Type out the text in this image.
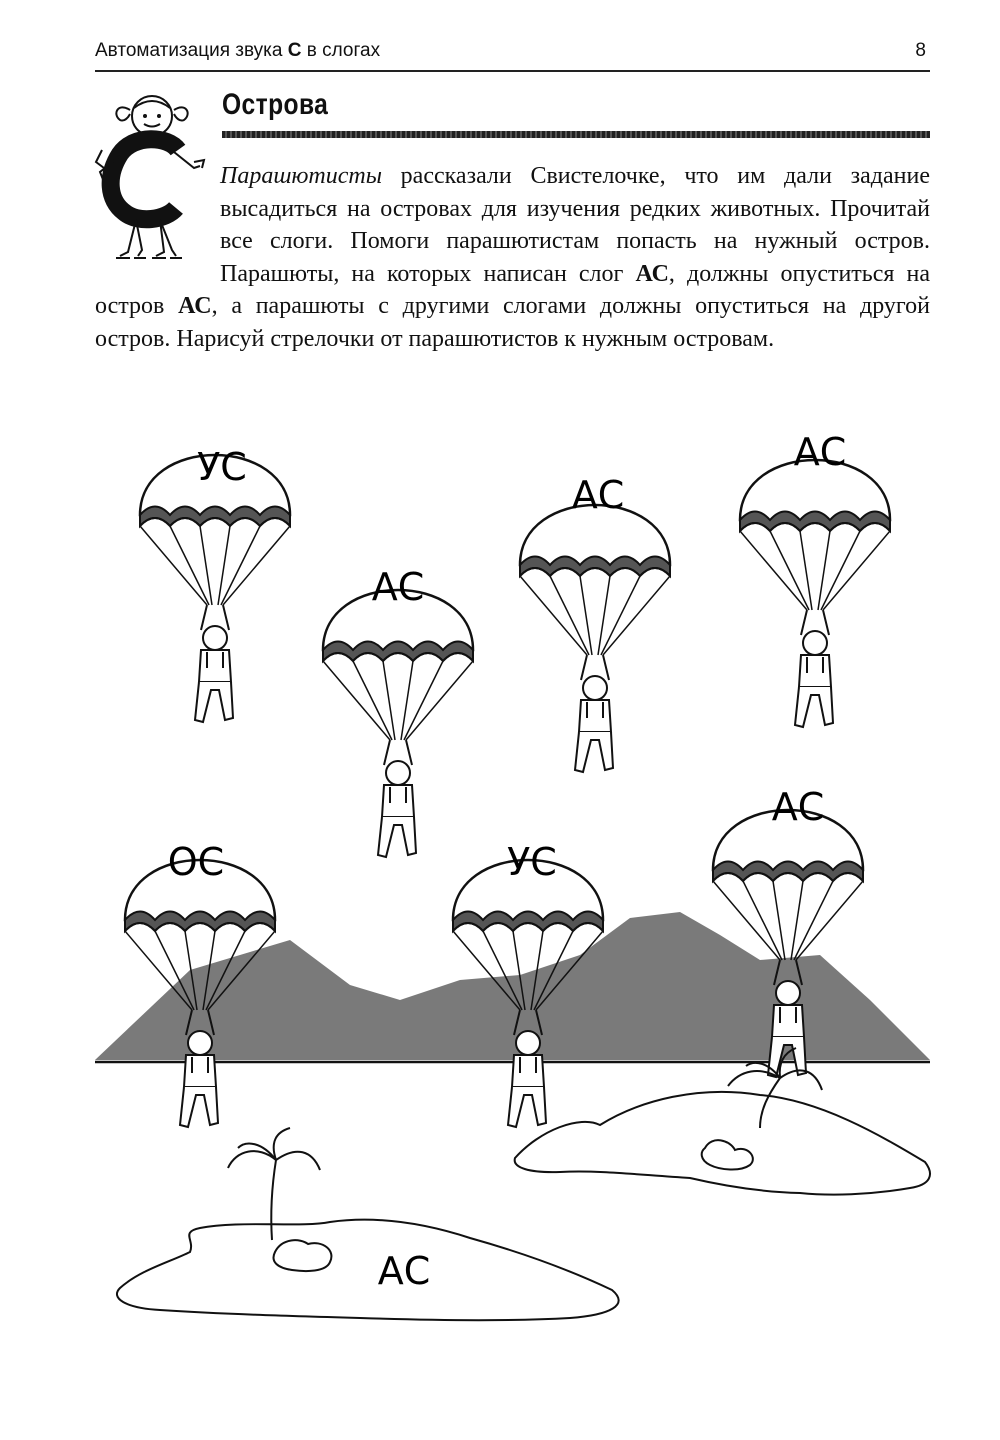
Автоматизация звука С в слогах	8
Острова
Парашютисты рассказали Свистелочке, что им дали задание высадиться на островах для изучения редких животных. Прочитай все слоги. Помоги парашютистам попасть на нужный остров. Парашюты, на которых написан слог АС, должны опуститься на остров АС, а парашюты с другими слогами должны опуститься на другой остров. Нарисуй стрелочки от парашютистов к нужным островам.
УС
АС
АС
АС
ОС	УС
АС
АС
